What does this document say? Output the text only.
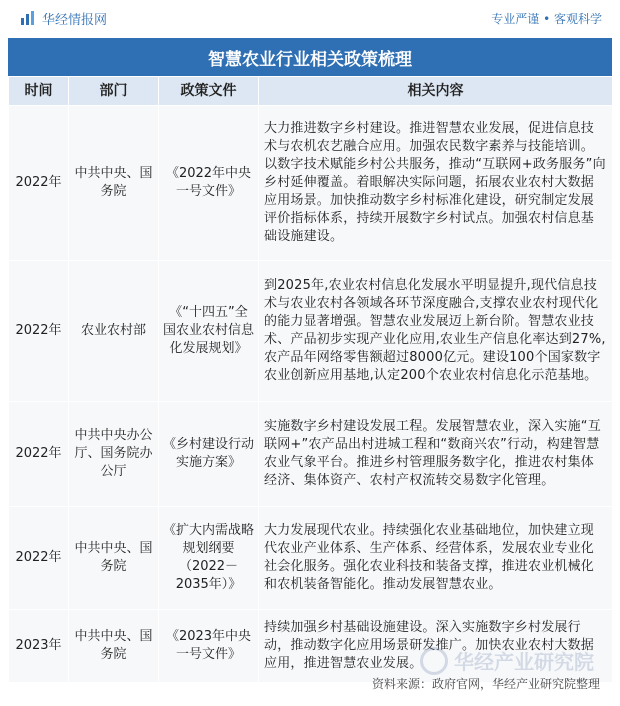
华经情报网	专业严谨 • 客观科学
智慧农业行业相关政策梳理
时间	部门	政策文件	相关内容
2022年	中共中央、国务院	《2022年中央一号文件》	大力推进数字乡村建设。推进智慧农业发展，促进信息技术与农机农艺融合应用。加强农民数字素养与技能培训。以数字技术赋能乡村公共服务，推动“互联网+政务服务”向乡村延伸覆盖。着眼解决实际问题，拓展农业农村大数据应用场景。加快推动数字乡村标准化建设，研究制定发展评价指标体系，持续开展数字乡村试点。加强农村信息基础设施建设。
2022年	农业农村部	《“十四五”全国农业农村信息化发展规划》	到2025年,农业农村信息化发展水平明显提升,现代信息技术与农业农村各领域各环节深度融合,支撑农业农村现代化的能力显著增强。智慧农业发展迈上新台阶。智慧农业技术、产品初步实现产业化应用,农业生产信息化率达到27%,农产品年网络零售额超过8000亿元。建设100个国家数字农业创新应用基地,认定200个农业农村信息化示范基地。
2022年	中共中央办公厅、国务院办公厅	《乡村建设行动实施方案》	实施数字乡村建设发展工程。发展智慧农业，深入实施“互联网+”农产品出村进城工程和“数商兴农”行动，构建智慧农业气象平台。推进乡村管理服务数字化，推进农村集体经济、集体资产、农村产权流转交易数字化管理。
2022年	中共中央、国务院	《扩大内需战略规划纲要（2022－2035年）》	大力发展现代农业。持续强化农业基础地位，加快建立现代农业产业体系、生产体系、经营体系，发展农业专业化社会化服务。强化农业科技和装备支撑，推进农业机械化和农机装备智能化。推动发展智慧农业。
2023年	中共中央、国务院	《2023年中央一号文件》	持续加强乡村基础设施建设。深入实施数字乡村发展行动，推动数字化应用场景研发推广。加快农业农村大数据应用，推进智慧农业发展。 华经产业研究院
资料来源：政府官网，华经产业研究院整理
